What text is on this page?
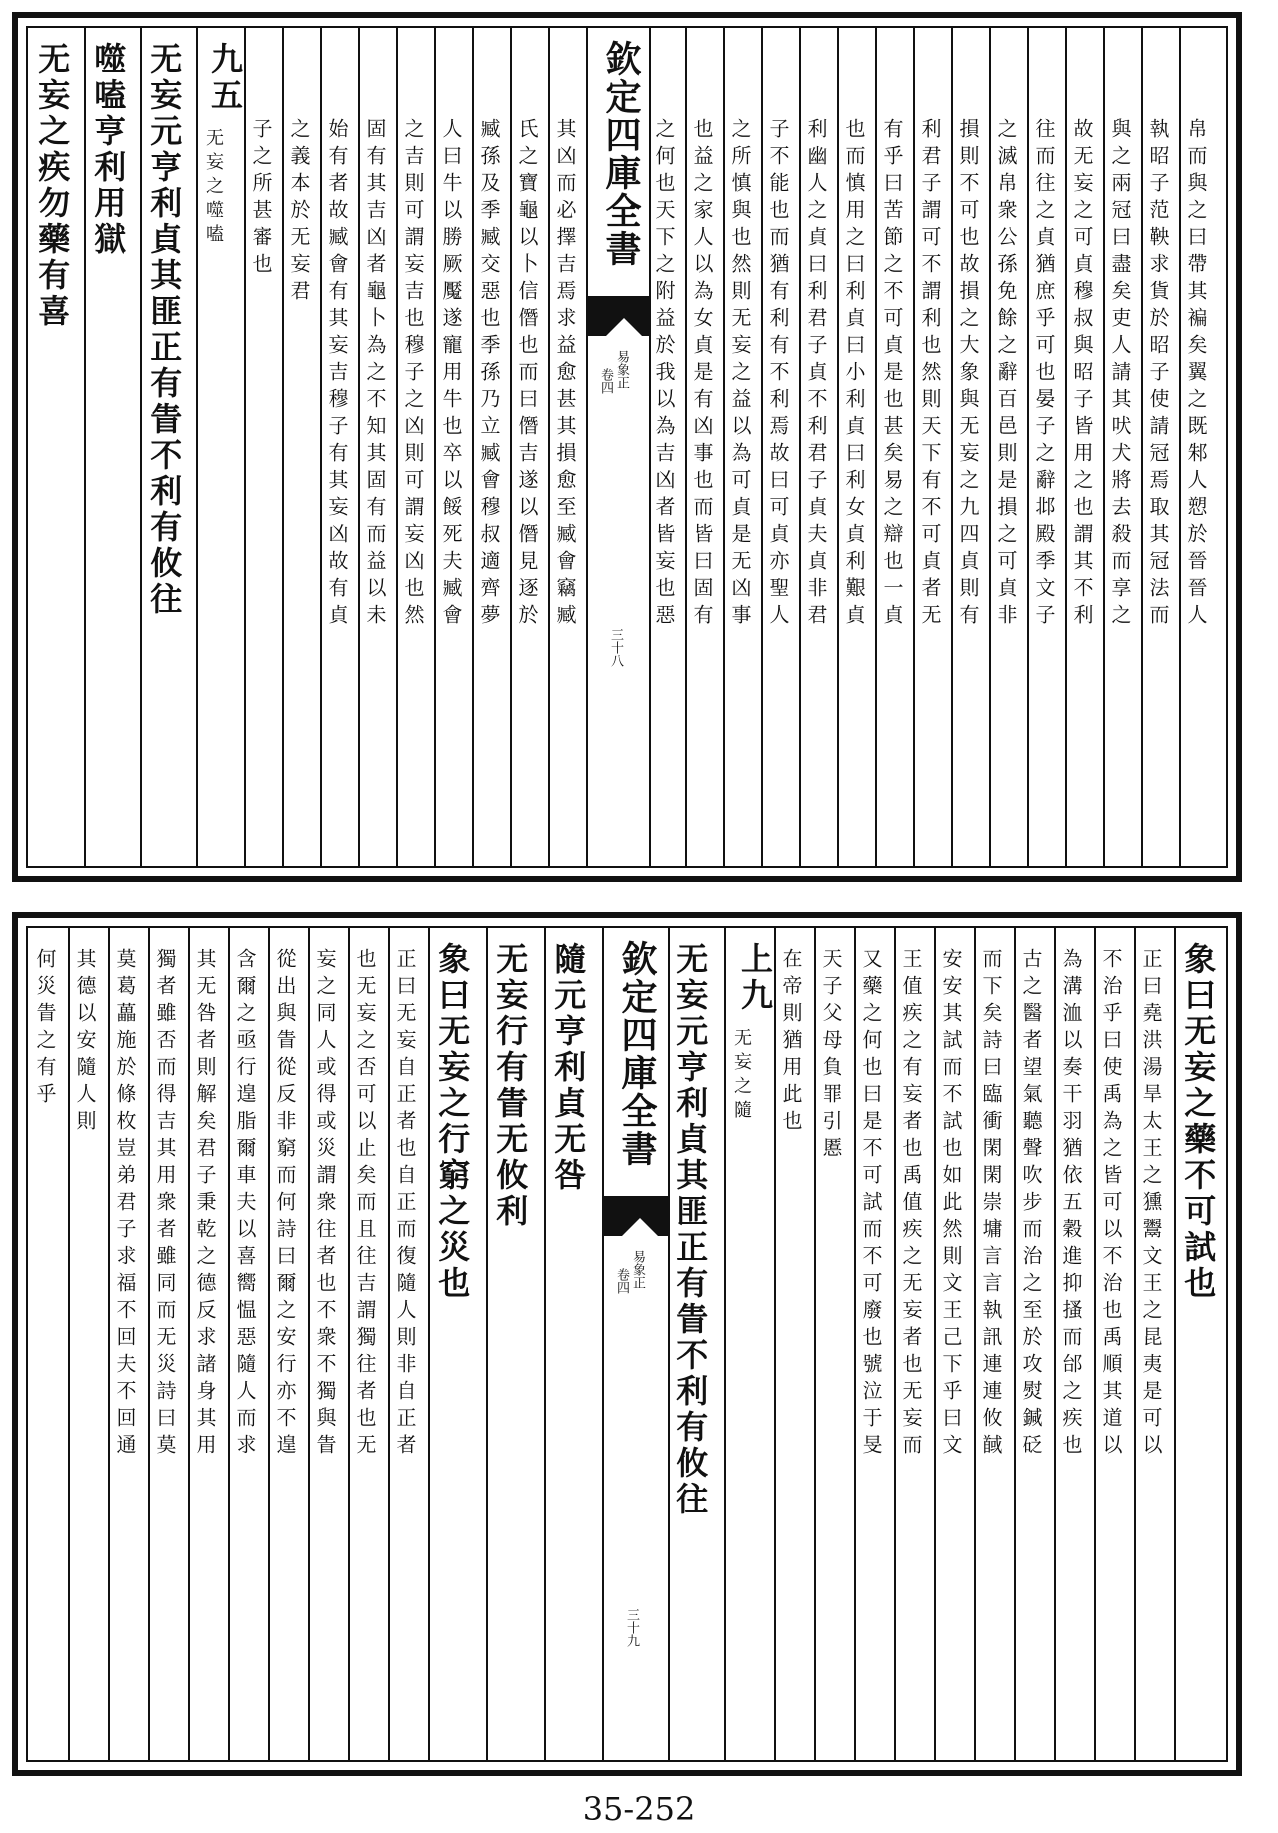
无妄之疾勿藥有喜 噬嗑亨利用獄 无妄元亨利貞其匪正有眚不利有攸往 九五
无妄之噬嗑 子之所甚審也 之義本於无妄君 始有者故臧會有其妄吉穆子有其妄凶故有貞 固有其吉凶者龜卜為之不知其固有而益以未 之吉則可謂妄吉也穆子之凶則可謂妄凶也然 人曰牛以勝厥魘遂寵用牛也卒以餒死夫臧會 臧孫及季臧交惡也季孫乃立臧會穆叔適齊夢 氏之寶龜以卜信僭也而曰僭吉遂以僭見逐於 其凶而必擇吉焉求益愈甚其損愈至臧會竊臧 欽定四庫全書
易象正
卷四
三十八
之何也天下之附益於我以為吉凶者皆妄也惡 也益之家人以為女貞是有凶事也而皆曰固有 之所慎與也然則无妄之益以為可貞是无凶事 子不能也而猶有利有不利焉故曰可貞亦聖人 利幽人之貞曰利君子貞不利君子貞夫貞非君 也而慎用之曰利貞曰小利貞曰利女貞利艱貞 有乎曰苦節之不可貞是也甚矣易之辯也一貞 利君子謂可不謂利也然則天下有不可貞者无 損則不可也故損之大象與无妄之九四貞則有 之滅帛衆公孫免餘之辭百邑則是損之可貞非 往而往之貞猶庶乎可也晏子之辭邶殿季文子 故无妄之可貞穆叔與昭子皆用之也謂其不利 與之兩冠曰盡矣吏人請其吠犬將去殺而享之 執昭子范鞅求貨於昭子使請冠焉取其冠法而 帛而與之曰帶其褊矣翼之既邾人愬於晉晉人
何災眚之有乎 其德以安隨人則 莫葛藟施於條枚豈弟君子求福不回夫不回通 獨者雖否而得吉其用衆者雖同而无災詩曰莫 其无咎者則解矣君子秉乾之德反求諸身其用 含爾之亟行遑脂爾車夫以喜嚮愠惡隨人而求 從出與眚從反非窮而何詩曰爾之安行亦不遑 妄之同人或得或災謂衆往者也不衆不獨與眚 也无妄之否可以止矣而且往吉謂獨往者也无 正曰无妄自正者也自正而復隨人則非自正者 象曰无妄之行窮之災也 无妄行有眚无攸利 隨元亨利貞无咎 欽定四庫全書
易象正
卷四
三十九
无妄元亨利貞其匪正有眚不利有攸往 上九
无妄之隨 在帝則猶用此也 天子父母負罪引慝 又藥之何也曰是不可試而不可廢也號泣于旻 王值疾之有妄者也禹值疾之无妄者也无妄而 安安其試而不試也如此然則文王己下乎曰文 而下矣詩曰臨衝閑閑崇墉言言執訊連連攸馘 古之醫者望氣聽聲吹步而治之至於攻熨鍼砭 為溝洫以奏干羽猶依五穀進抑搔而邰之疾也 不治乎曰使禹為之皆可以不治也禹順其道以 正曰堯洪湯旱太王之獯鬻文王之昆夷是可以 象曰无妄之藥不可試也
35-252
